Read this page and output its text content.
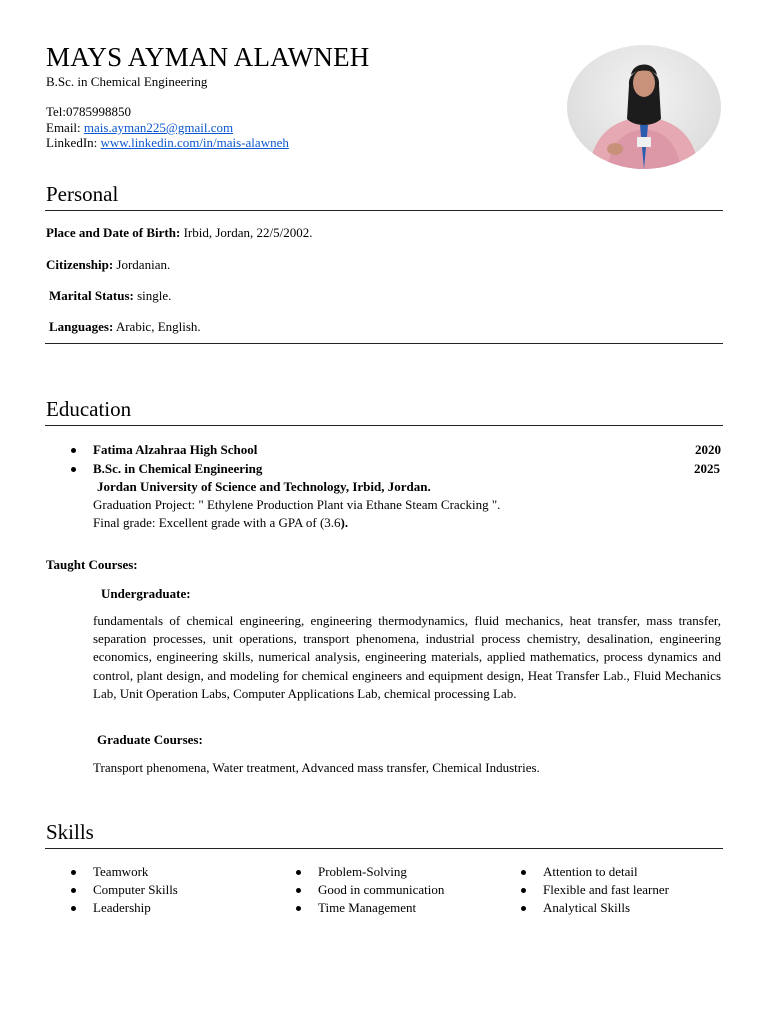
MAYS AYMAN ALAWNEH
B.Sc. in Chemical Engineering
Tel:0785998850
Email: mais.ayman225@gmail.com
LinkedIn: www.linkedin.com/in/mais-alawneh
Personal
Place and Date of Birth: Irbid, Jordan, 22/5/2002.
Citizenship: Jordanian.
Marital Status: single.
Languages: Arabic, English.
Education
Fatima Alzahraa High School	2020
B.Sc. in Chemical Engineering	2025
Jordan University of Science and Technology, Irbid, Jordan.
Graduation Project: " Ethylene Production Plant via Ethane Steam Cracking ".
Final grade: Excellent grade with a GPA of (3.6).
Taught Courses:
Undergraduate:
fundamentals of chemical engineering, engineering thermodynamics, fluid mechanics, heat transfer, mass transfer, separation processes, unit operations, transport phenomena, industrial process chemistry, desalination, engineering economics, engineering skills, numerical analysis, engineering materials, applied mathematics, process dynamics and control, plant design, and modeling for chemical engineers and equipment design, Heat Transfer Lab., Fluid Mechanics Lab, Unit Operation Labs, Computer Applications Lab, chemical processing Lab.
Graduate Courses:
Transport phenomena, Water treatment, Advanced mass transfer, Chemical Industries.
Skills
Teamwork
Computer Skills
Leadership
Problem-Solving
Good in communication
Time Management
Attention to detail
Flexible and fast learner
Analytical Skills
